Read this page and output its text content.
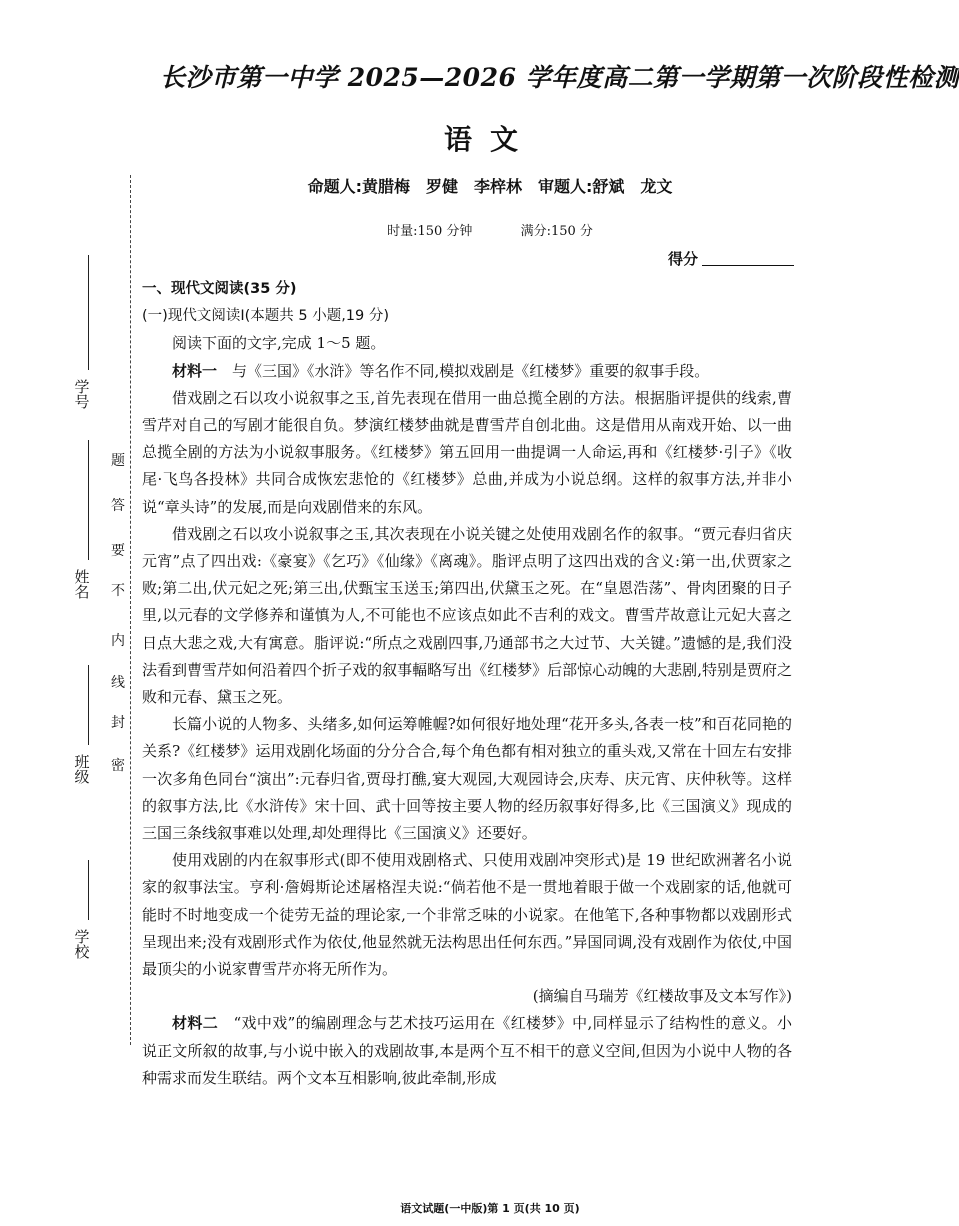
学 校
班 级
姓 名
学 号
密
封
线
内
不
要
答
题
长沙市第一中学 2025—2026 学年度高二第一学期第一次阶段性检测
语文
命题人:黄腊梅　罗健　李梓林　审题人:舒斌　龙文
时量:150 分钟	满分:150 分
得分

一、现代文阅读(35 分)

(一)现代文阅读Ⅰ(本题共 5 小题,19 分)

阅读下面的文字,完成 1～5 题。

材料一　 与《三国》《水浒》等名作不同,模拟戏剧是《红楼梦》重要的叙事手段。

借戏剧之石以攻小说叙事之玉,首先表现在借用一曲总揽全剧的方法。根据脂评提供的线索,曹雪芹对自己的写剧才能很自负。梦演红楼梦曲就是曹雪芹自创北曲。这是借用从南戏开始、以一曲总揽全剧的方法为小说叙事服务。《红楼梦》第五回用一曲提调一人命运,再和《红楼梦·引子》《收尾·飞鸟各投林》共同合成恢宏悲怆的《红楼梦》总曲,并成为小说总纲。这样的叙事方法,并非小说“章头诗”的发展,而是向戏剧借来的东风。

借戏剧之石以攻小说叙事之玉,其次表现在小说关键之处使用戏剧名作的叙事。“贾元春归省庆元宵”点了四出戏:《豪宴》《乞巧》《仙缘》《离魂》。脂评点明了这四出戏的含义:第一出,伏贾家之败;第二出,伏元妃之死;第三出,伏甄宝玉送玉;第四出,伏黛玉之死。在“皇恩浩荡”、骨肉团聚的日子里,以元春的文学修养和谨慎为人,不可能也不应该点如此不吉利的戏文。曹雪芹故意让元妃大喜之日点大悲之戏,大有寓意。脂评说:“所点之戏剧四事,乃通部书之大过节、大关键。”遗憾的是,我们没法看到曹雪芹如何沿着四个折子戏的叙事輻略写出《红楼梦》后部惊心动魄的大悲剧,特别是贾府之败和元春、黛玉之死。

长篇小说的人物多、头绪多,如何运筹帷幄?如何很好地处理“花开多头,各表一枝”和百花同艳的关系?《红楼梦》运用戏剧化场面的分分合合,每个角色都有相对独立的重头戏,又常在十回左右安排一次多角色同台“演出”:元春归省,贾母打醮,宴大观园,大观园诗会,庆寿、庆元宵、庆仲秋等。这样的叙事方法,比《水浒传》宋十回、武十回等按主要人物的经历叙事好得多,比《三国演义》现成的三国三条线叙事难以处理,却处理得比《三国演义》还要好。

使用戏剧的内在叙事形式(即不使用戏剧格式、只使用戏剧冲突形式)是 19 世纪欧洲著名小说家的叙事法宝。亨利·詹姆斯论述屠格涅夫说:“倘若他不是一贯地着眼于做一个戏剧家的话,他就可能时不时地变成一个徒劳无益的理论家,一个非常乏味的小说家。在他笔下,各种事物都以戏剧形式呈现出来;没有戏剧形式作为依仗,他显然就无法构思出任何东西。”异国同调,没有戏剧作为依仗,中国最顶尖的小说家曹雪芹亦将无所作为。

(摘编自马瑞芳《红楼故事及文本写作》)

材料二　 “戏中戏”的编剧理念与艺术技巧运用在《红楼梦》中,同样显示了结构性的意义。小说正文所叙的故事,与小说中嵌入的戏剧故事,本是两个互不相干的意义空间,但因为小说中人物的各种需求而发生联结。两个文本互相影响,彼此牵制,形成

语文试题(一中版)第 1 页(共 10 页)
